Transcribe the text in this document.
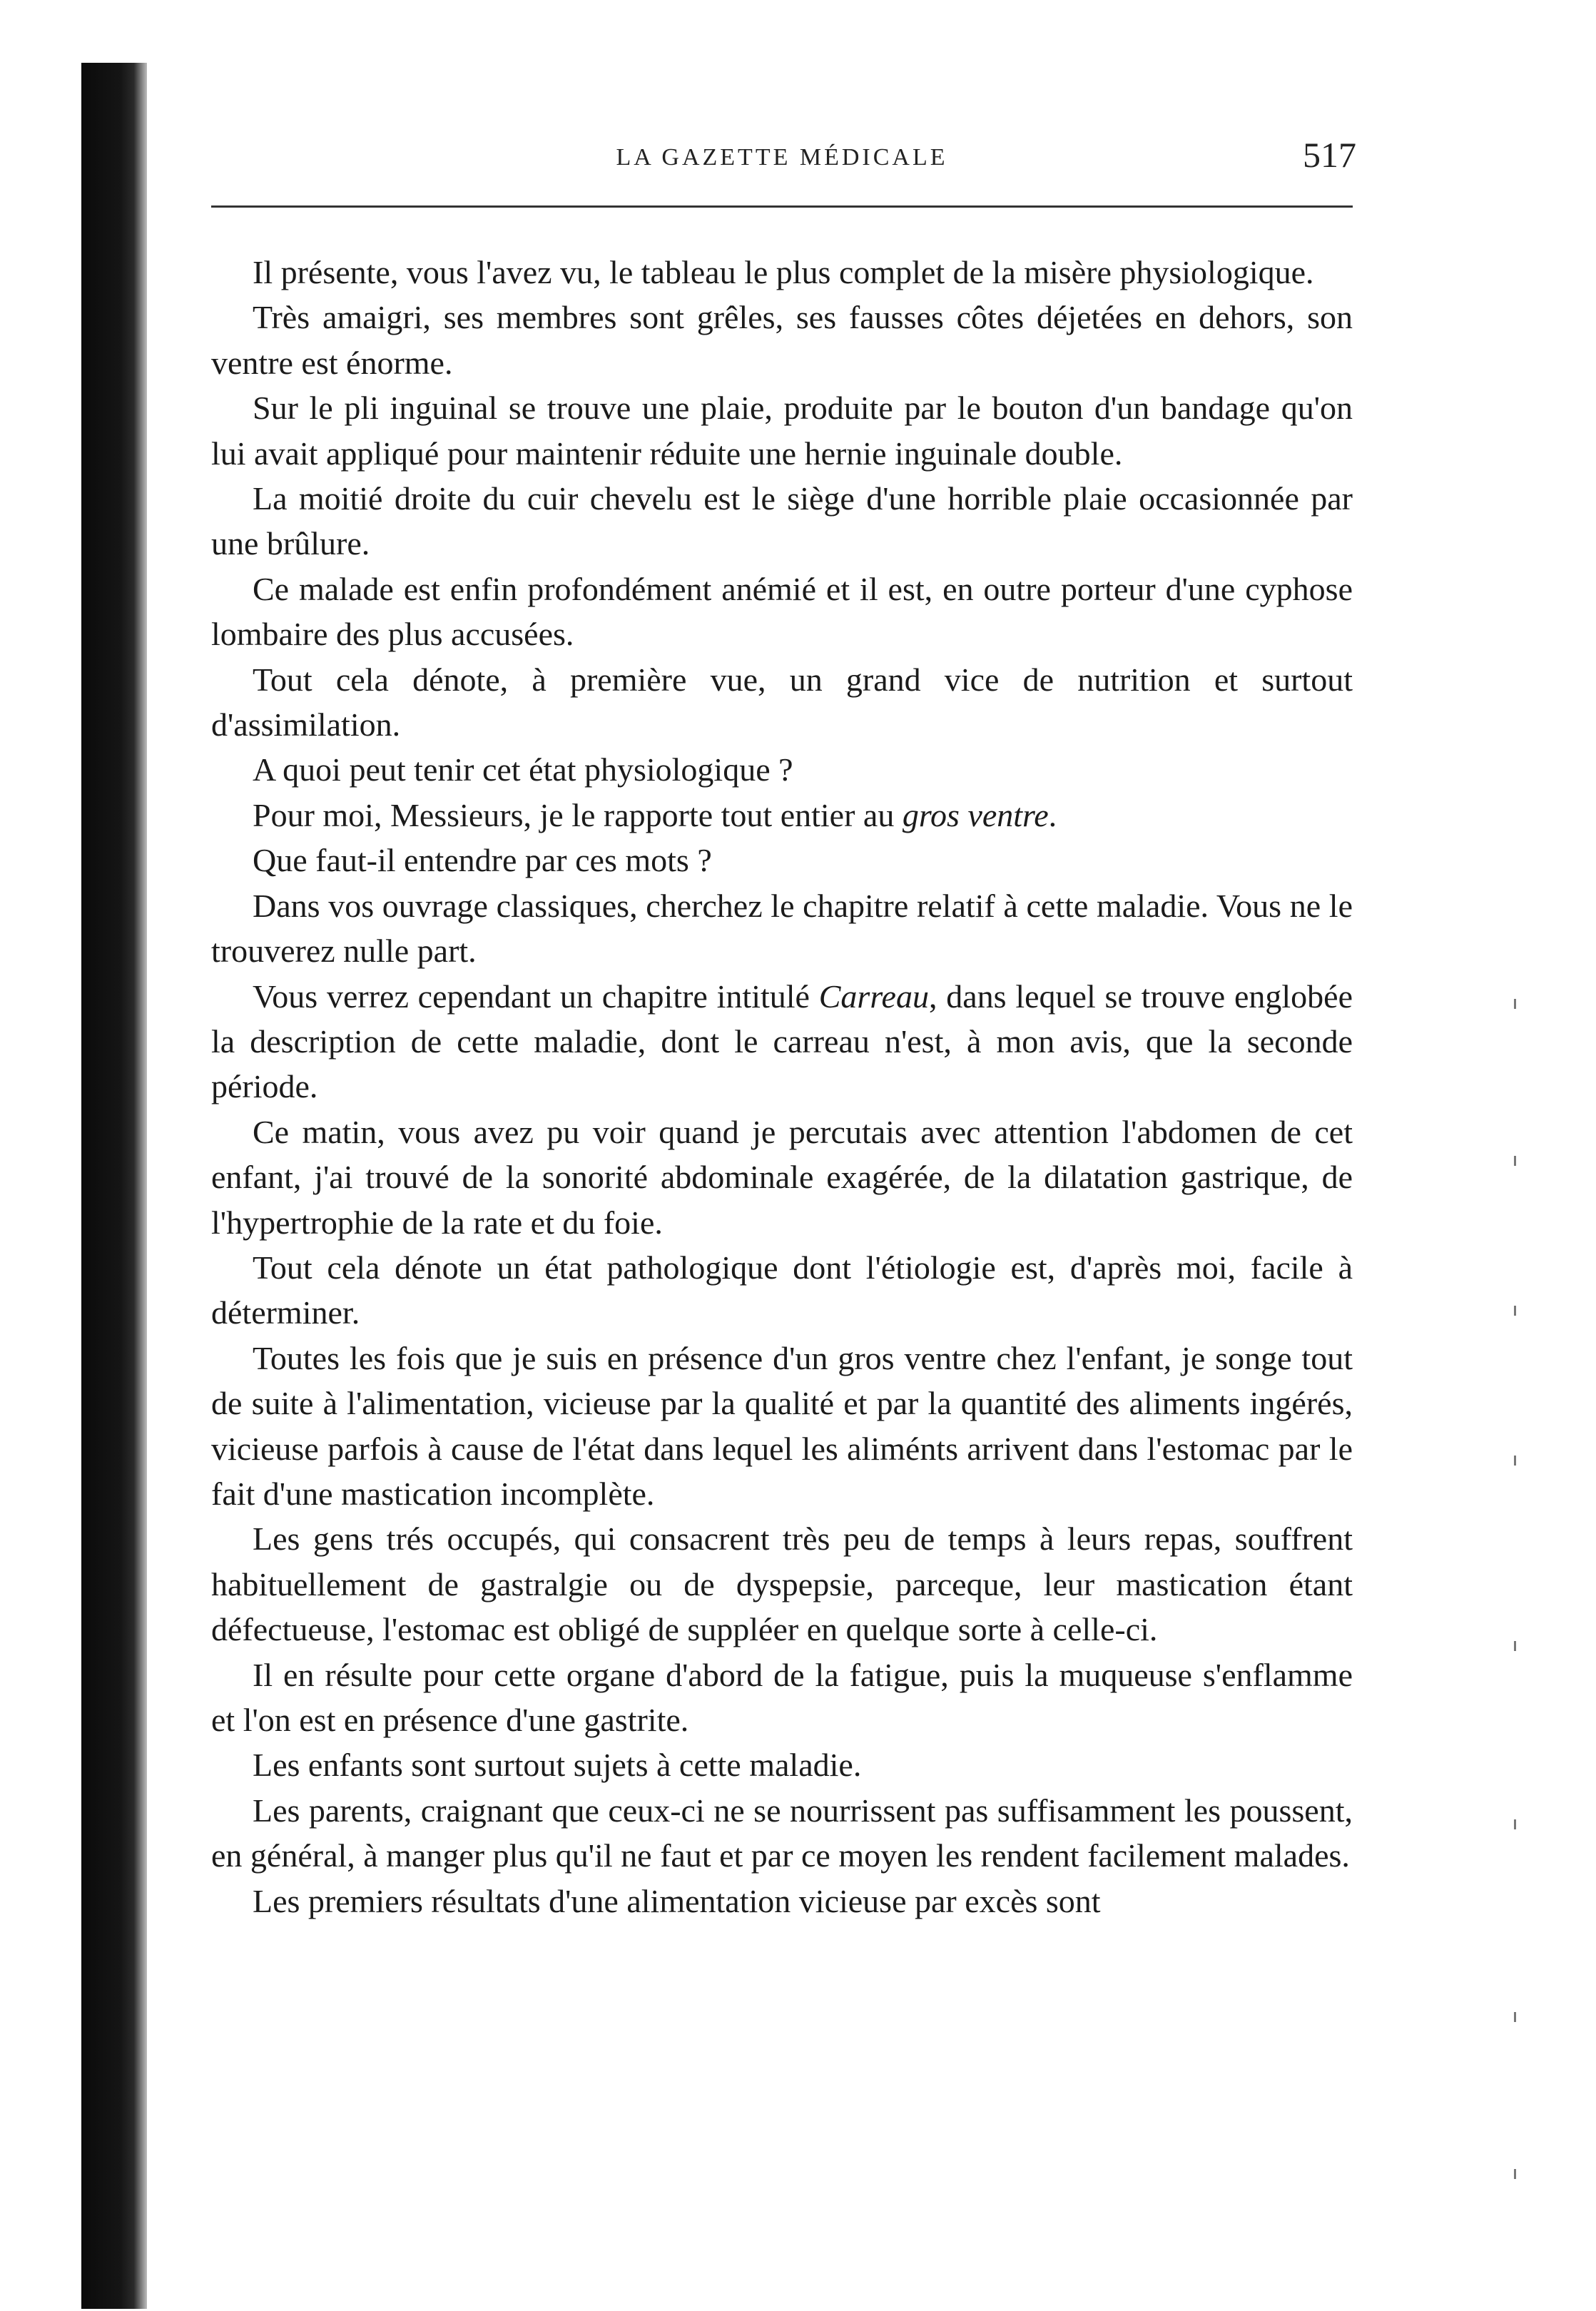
LA GAZETTE MÉDICALE	517

Il présente, vous l'avez vu, le tableau le plus complet de la misère physiologique.

Très amaigri, ses membres sont grêles, ses fausses côtes déjetées en dehors, son ventre est énorme.

Sur le pli inguinal se trouve une plaie, produite par le bouton d'un bandage qu'on lui avait appliqué pour maintenir réduite une hernie inguinale double.

La moitié droite du cuir chevelu est le siège d'une horrible plaie occasionnée par une brûlure.

Ce malade est enfin profondément anémié et il est, en outre porteur d'une cyphose lombaire des plus accusées.

Tout cela dénote, à première vue, un grand vice de nutrition et surtout d'assimilation.

A quoi peut tenir cet état physiologique ?

Pour moi, Messieurs, je le rapporte tout entier au gros ventre.

Que faut-il entendre par ces mots ?

Dans vos ouvrage classiques, cherchez le chapitre relatif à cette maladie. Vous ne le trouverez nulle part.

Vous verrez cependant un chapitre intitulé Carreau, dans lequel se trouve englobée la description de cette maladie, dont le carreau n'est, à mon avis, que la seconde période.

Ce matin, vous avez pu voir quand je percutais avec attention l'abdomen de cet enfant, j'ai trouvé de la sonorité abdominale exagérée, de la dilatation gastrique, de l'hypertrophie de la rate et du foie.

Tout cela dénote un état pathologique dont l'étiologie est, d'après moi, facile à déterminer.

Toutes les fois que je suis en présence d'un gros ventre chez l'enfant, je songe tout de suite à l'alimentation, vicieuse par la qualité et par la quantité des aliments ingérés, vicieuse parfois à cause de l'état dans lequel les aliménts arrivent dans l'estomac par le fait d'une mastication incomplète.

Les gens trés occupés, qui consacrent très peu de temps à leurs repas, souffrent habituellement de gastralgie ou de dyspepsie, parceque, leur mastication étant défectueuse, l'estomac est obligé de suppléer en quelque sorte à celle-ci.

Il en résulte pour cette organe d'abord de la fatigue, puis la muqueuse s'enflamme et l'on est en présence d'une gastrite.

Les enfants sont surtout sujets à cette maladie.

Les parents, craignant que ceux-ci ne se nourrissent pas suffisamment les poussent, en général, à manger plus qu'il ne faut et par ce moyen les rendent facilement malades.

Les premiers résultats d'une alimentation vicieuse par excès sont
